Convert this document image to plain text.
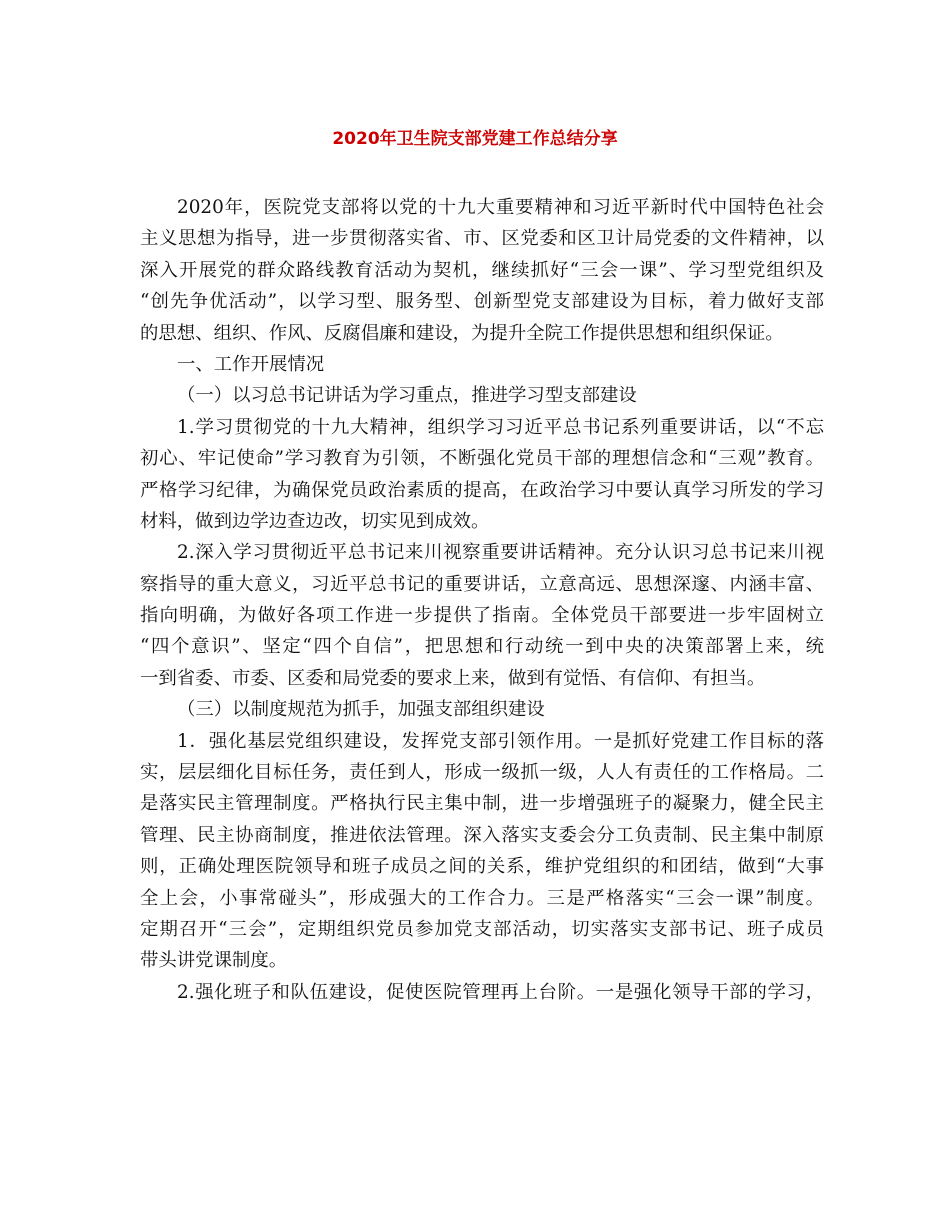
2020年卫生院支部党建工作总结分享
2020年，医院党支部将以党的十九大重要精神和习近平新时代中国特色社会
主义思想为指导，进一步贯彻落实省、市、区党委和区卫计局党委的文件精神，以
深入开展党的群众路线教育活动为契机，继续抓好“三会一课”、学习型党组织及
“创先争优活动”，以学习型、服务型、创新型党支部建设为目标，着力做好支部
的思想、组织、作风、反腐倡廉和建设，为提升全院工作提供思想和组织保证。
一、工作开展情况
（一）以习总书记讲话为学习重点，推进学习型支部建设
1.学习贯彻党的十九大精神，组织学习习近平总书记系列重要讲话，以“不忘
初心、牢记使命”学习教育为引领，不断强化党员干部的理想信念和“三观”教育。
严格学习纪律，为确保党员政治素质的提高，在政治学习中要认真学习所发的学习
材料，做到边学边查边改，切实见到成效。
2.深入学习贯彻近平总书记来川视察重要讲话精神。充分认识习总书记来川视
察指导的重大意义，习近平总书记的重要讲话，立意高远、思想深邃、内涵丰富、
指向明确，为做好各项工作进一步提供了指南。全体党员干部要进一步牢固树立
“四个意识”、坚定“四个自信”，把思想和行动统一到中央的决策部署上来，统
一到省委、市委、区委和局党委的要求上来，做到有觉悟、有信仰、有担当。
（三）以制度规范为抓手，加强支部组织建设
1．强化基层党组织建设，发挥党支部引领作用。一是抓好党建工作目标的落
实，层层细化目标任务，责任到人，形成一级抓一级，人人有责任的工作格局。二
是落实民主管理制度。严格执行民主集中制，进一步增强班子的凝聚力，健全民主
管理、民主协商制度，推进依法管理。深入落实支委会分工负责制、民主集中制原
则，正确处理医院领导和班子成员之间的关系，维护党组织的和团结，做到“大事
全上会，小事常碰头”，形成强大的工作合力。三是严格落实“三会一课”制度。
定期召开“三会”，定期组织党员参加党支部活动，切实落实支部书记、班子成员
带头讲党课制度。
2.强化班子和队伍建设，促使医院管理再上台阶。一是强化领导干部的学习，
